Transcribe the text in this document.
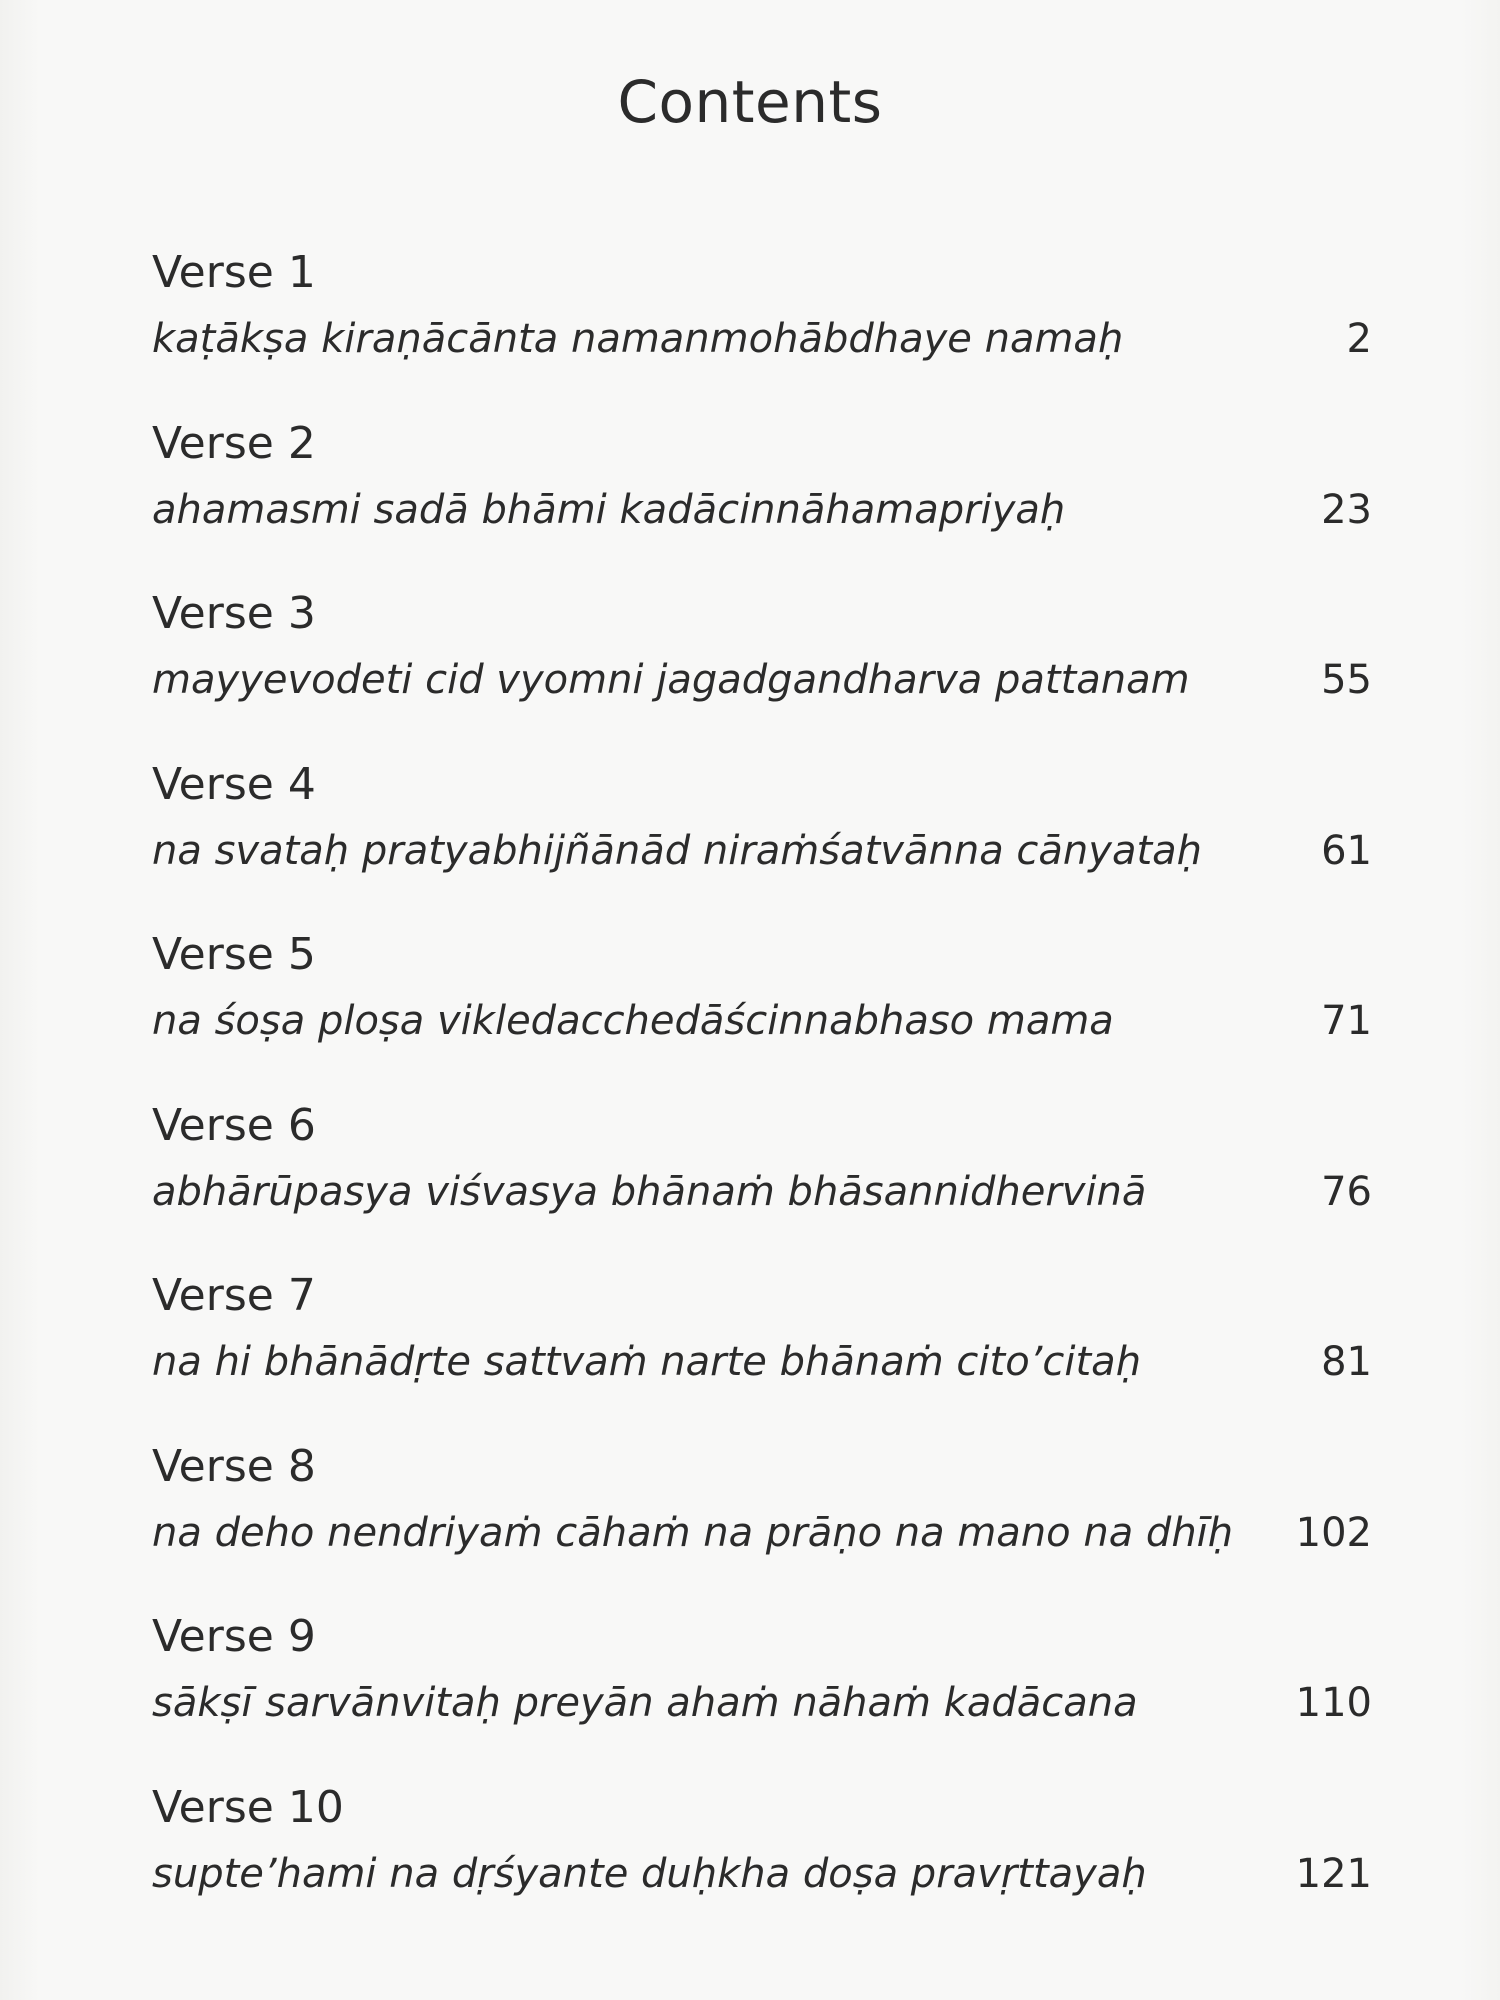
Contents
Verse 1
kaṭākṣa kiraṇācānta namanmohābdhaye namaḥ	2
Verse 2
ahamasmi sadā bhāmi kadācinnāhamapriyaḥ	23
Verse 3
mayyevodeti cid vyomni jagadgandharva pattanam	55
Verse 4
na svataḥ pratyabhijñānād niraṁśatvānna cānyataḥ	61
Verse 5
na śoṣa ploṣa vikledacchedāścinnabhaso mama	71
Verse 6
abhārūpasya viśvasya bhānaṁ bhāsannidhervinā	76
Verse 7
na hi bhānādṛte sattvaṁ narte bhānaṁ cito’citaḥ	81
Verse 8
na deho nendriyaṁ cāhaṁ na prāṇo na mano na dhīḥ 102
Verse 9
sākṣī sarvānvitaḥ preyān ahaṁ nāhaṁ kadācana	110
Verse 10
supte’hami na dṛśyante duḥkha doṣa pravṛttayaḥ	121
